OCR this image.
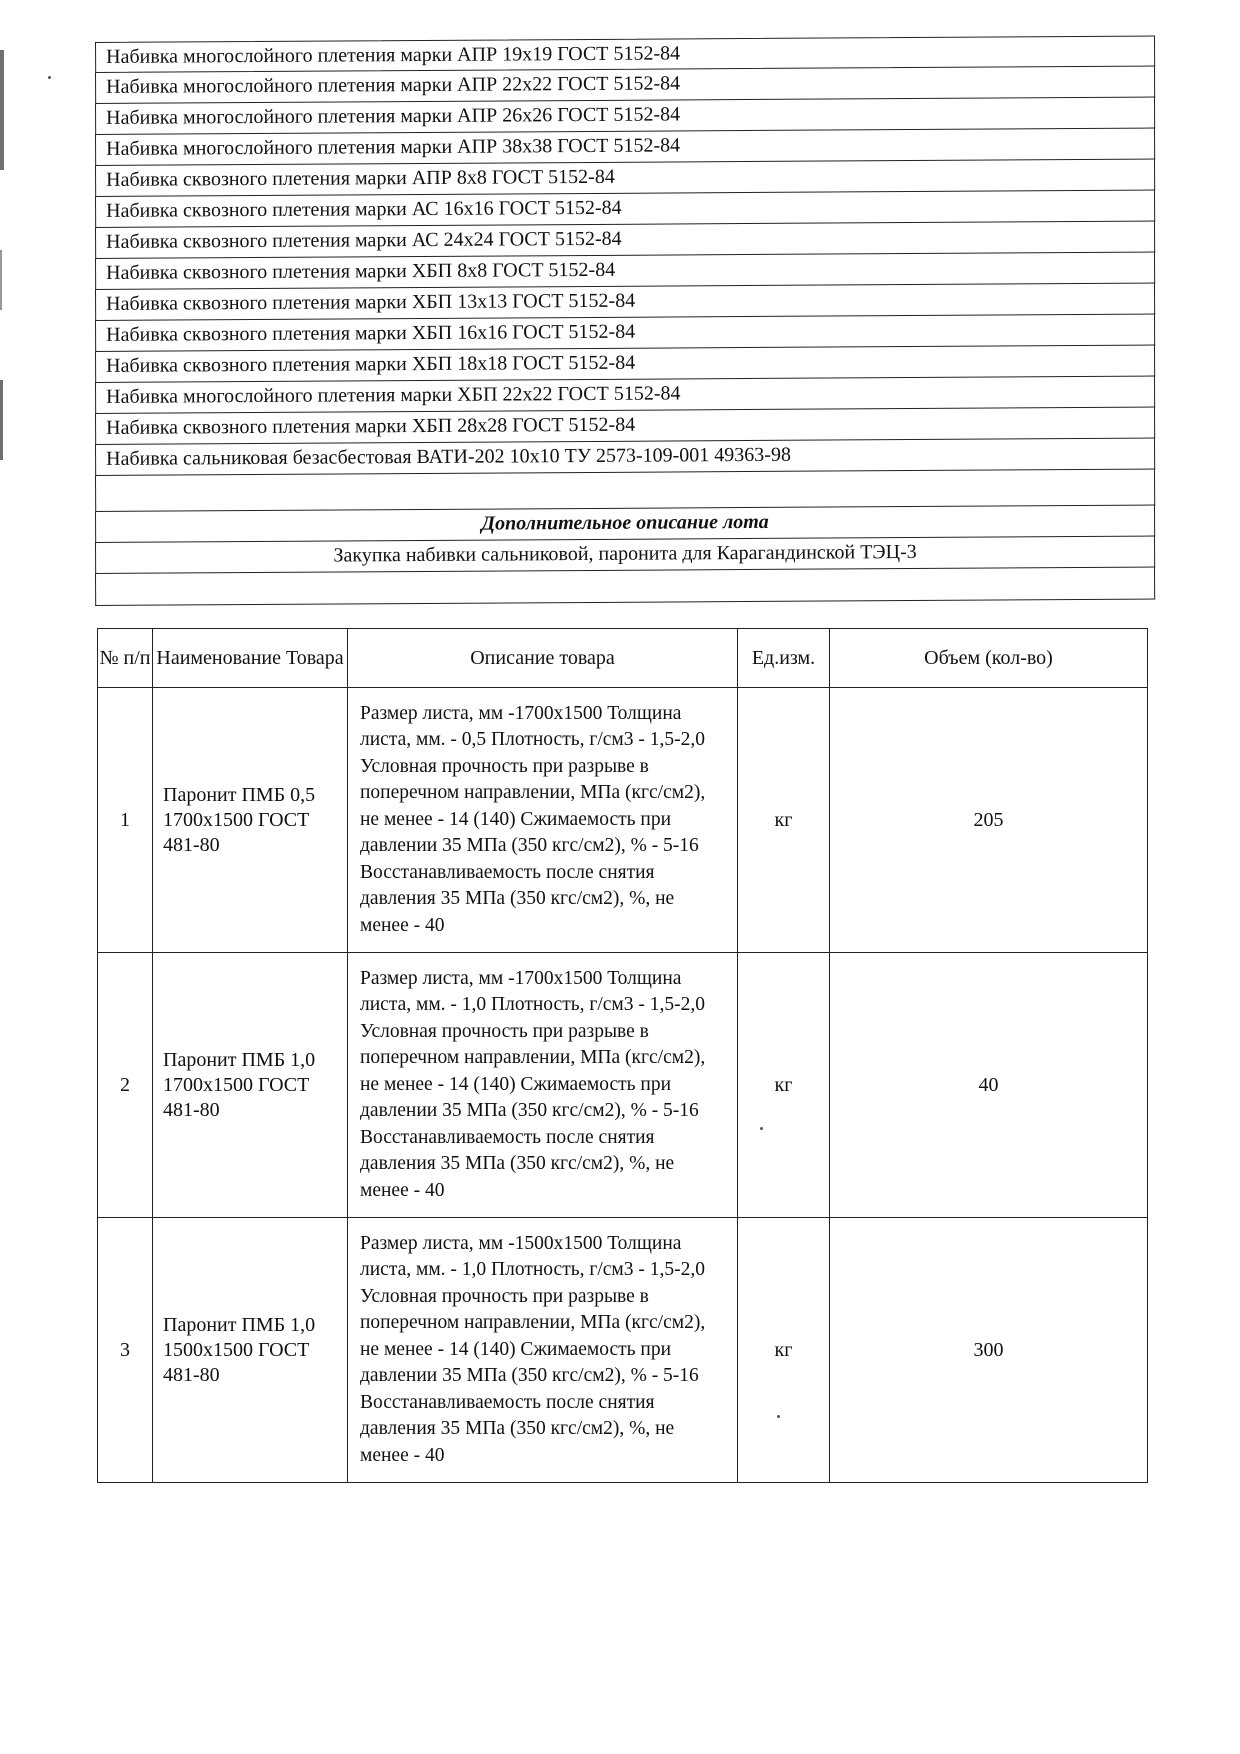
Набивка многослойного плетения марки АПР 19х19 ГОСТ 5152-84
Набивка многослойного плетения марки АПР 22х22 ГОСТ 5152-84
Набивка многослойного плетения марки АПР 26х26 ГОСТ 5152-84
Набивка многослойного плетения марки АПР 38х38 ГОСТ 5152-84
Набивка сквозного плетения марки АПР 8х8 ГОСТ 5152-84
Набивка сквозного плетения марки АС 16х16 ГОСТ 5152-84
Набивка сквозного плетения марки АС 24х24 ГОСТ 5152-84
Набивка сквозного плетения марки ХБП 8х8 ГОСТ 5152-84
Набивка сквозного плетения марки ХБП 13х13 ГОСТ 5152-84
Набивка сквозного плетения марки ХБП 16х16 ГОСТ 5152-84
Набивка сквозного плетения марки ХБП 18х18 ГОСТ 5152-84
Набивка многослойного плетения марки ХБП 22х22 ГОСТ 5152-84
Набивка сквозного плетения марки ХБП 28х28 ГОСТ 5152-84
Набивка сальниковая безасбестовая ВАТИ-202 10х10 ТУ 2573-109-001 49363-98
Дополнительное описание лота
Закупка набивки сальниковой, паронита для Карагандинской ТЭЦ-3
№ п/п	Наименование Товара	Описание товара	Ед.изм.	Объем (кол-во)
1	Паронит ПМБ 0,5 1700х1500 ГОСТ 481-80	Размер листа, мм -1700х1500 Толщина листа, мм. - 0,5 Плотность, г/см3 - 1,5-2,0 Условная прочность при разрыве в поперечном направлении, МПа (кгс/см2), не менее - 14 (140) Сжимаемость при давлении 35 МПа (350 кгс/см2), % - 5-16 Восстанавливаемость после снятия давления 35 МПа (350 кгс/см2), %, не менее - 40	кг	205
2	Паронит ПМБ 1,0 1700х1500 ГОСТ 481-80	Размер листа, мм -1700х1500 Толщина листа, мм. - 1,0 Плотность, г/см3 - 1,5-2,0 Условная прочность при разрыве в поперечном направлении, МПа (кгс/см2), не менее - 14 (140) Сжимаемость при давлении 35 МПа (350 кгс/см2), % - 5-16 Восстанавливаемость после снятия давления 35 МПа (350 кгс/см2), %, не менее - 40	кг	40
3	Паронит ПМБ 1,0 1500х1500 ГОСТ 481-80	Размер листа, мм -1500х1500 Толщина листа, мм. - 1,0 Плотность, г/см3 - 1,5-2,0 Условная прочность при разрыве в поперечном направлении, МПа (кгс/см2), не менее - 14 (140) Сжимаемость при давлении 35 МПа (350 кгс/см2), % - 5-16 Восстанавливаемость после снятия давления 35 МПа (350 кгс/см2), %, не менее - 40	кг	300
